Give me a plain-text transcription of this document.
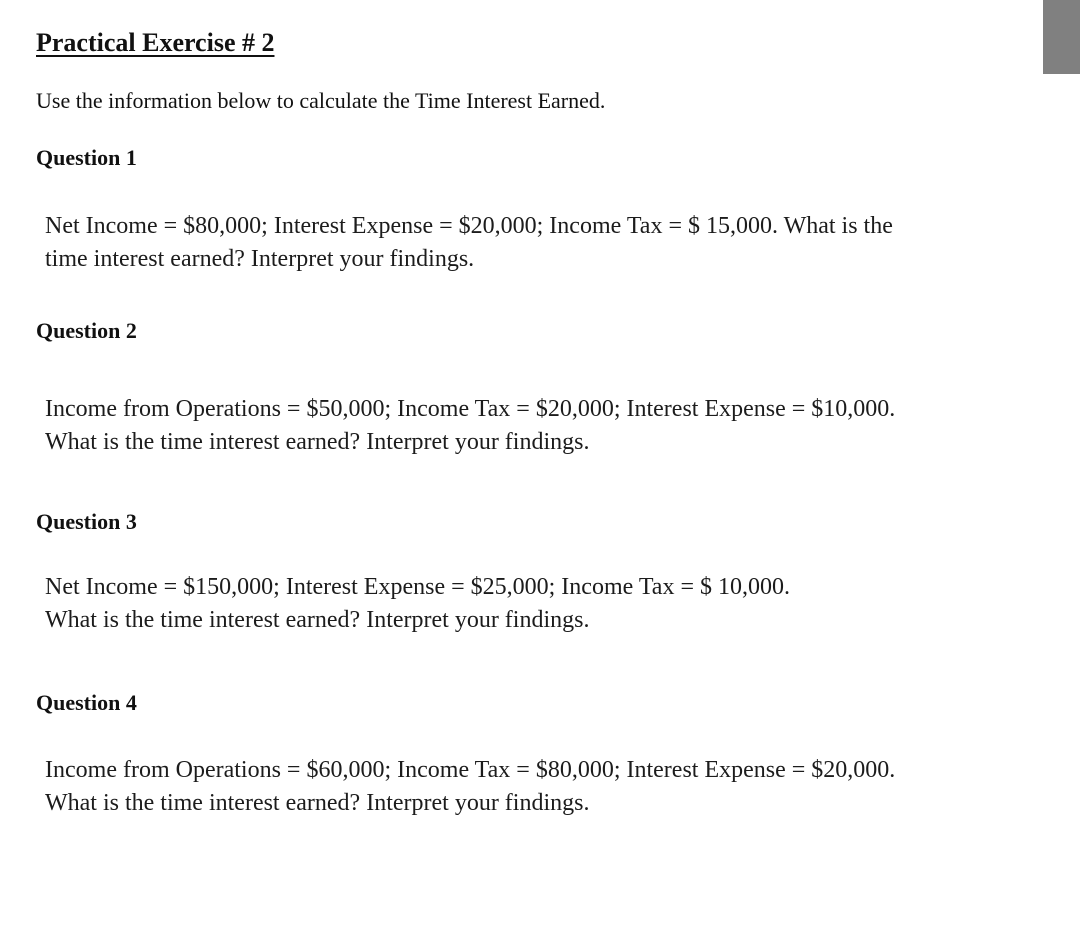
Practical Exercise # 2
Use the information below to calculate the Time Interest Earned.
Question 1
Net Income = $80,000; Interest Expense = $20,000; Income Tax = $ 15,000. What is the
time interest earned? Interpret your findings.
Question 2
Income from Operations = $50,000; Income Tax = $20,000; Interest Expense = $10,000.
What is the time interest earned? Interpret your findings.
Question 3
Net Income = $150,000; Interest Expense = $25,000; Income Tax = $ 10,000.
What is the time interest earned? Interpret your findings.
Question 4
Income from Operations = $60,000; Income Tax = $80,000; Interest Expense = $20,000.
What is the time interest earned? Interpret your findings.
